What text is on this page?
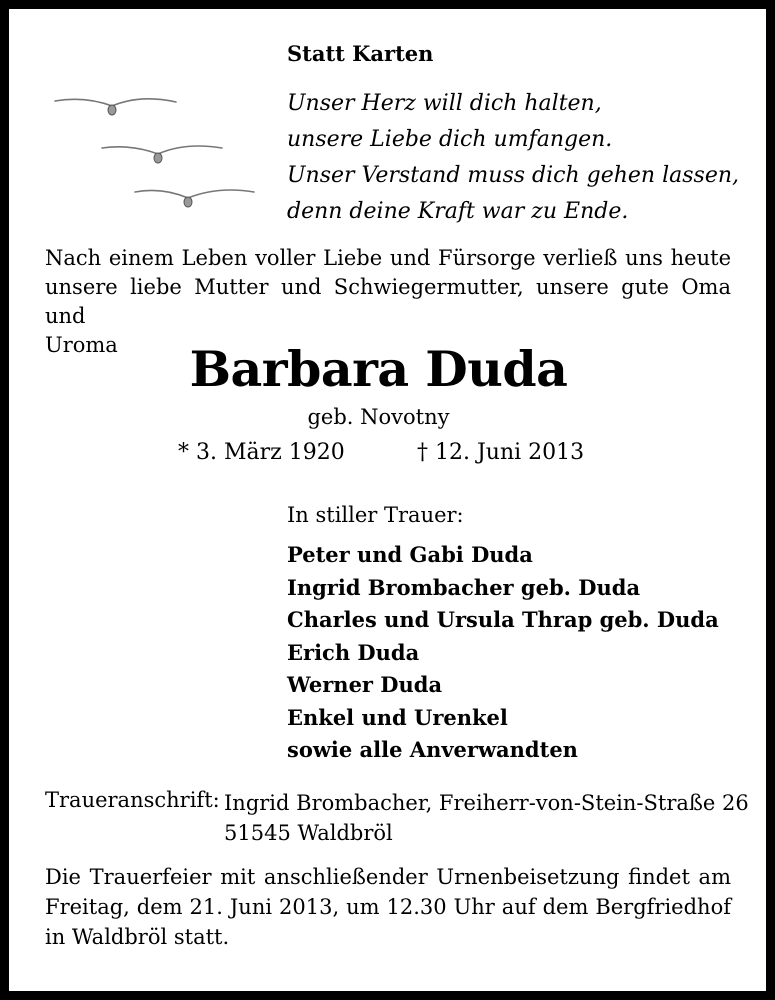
Statt Karten
Unser Herz will dich halten,
unsere Liebe dich umfangen.
Unser Verstand muss dich gehen lassen,
denn deine Kraft war zu Ende.
Nach einem Leben voller Liebe und Fürsorge verließ uns heute
unsere liebe Mutter und Schwiegermutter, unsere gute Oma und
Uroma	Barbara Duda
geb. Novotny
* 3. März 1920	† 12. Juni 2013
In stiller Trauer:
Peter und Gabi Duda
Ingrid Brombacher geb. Duda
Charles und Ursula Thrap geb. Duda
Erich Duda
Werner Duda
Enkel und Urenkel
sowie alle Anverwandten
Traueranschrift: Ingrid Brombacher, Freiherr-von-Stein-Straße 26
51545 Waldbröl
Die Trauerfeier mit anschließender Urnenbeisetzung findet am
Freitag, dem 21. Juni 2013, um 12.30 Uhr auf dem Bergfriedhof
in Waldbröl statt.
